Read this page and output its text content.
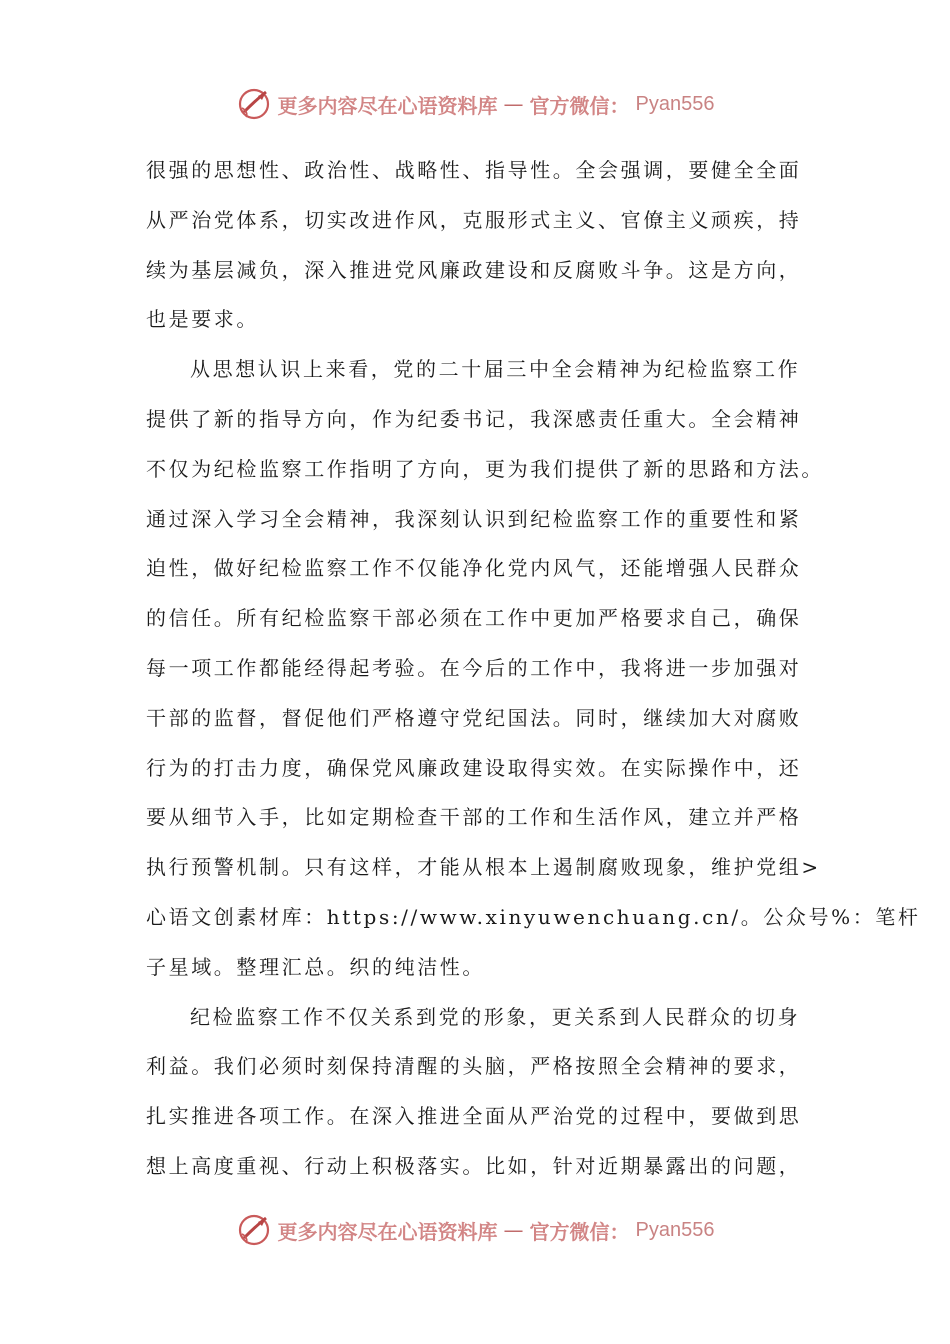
更多内容尽在心语资料库 — 官方微信： Pyan556
很强的思想性、政治性、战略性、指导性。全会强调，要健全全面
从严治党体系，切实改进作风，克服形式主义、官僚主义顽疾，持
续为基层减负，深入推进党风廉政建设和反腐败斗争。这是方向，
也是要求。
从思想认识上来看，党的二十届三中全会精神为纪检监察工作
提供了新的指导方向，作为纪委书记，我深感责任重大。全会精神
不仅为纪检监察工作指明了方向，更为我们提供了新的思路和方法。
通过深入学习全会精神，我深刻认识到纪检监察工作的重要性和紧
迫性，做好纪检监察工作不仅能净化党内风气，还能增强人民群众
的信任。所有纪检监察干部必须在工作中更加严格要求自己，确保
每一项工作都能经得起考验。在今后的工作中，我将进一步加强对
干部的监督，督促他们严格遵守党纪国法。同时，继续加大对腐败
行为的打击力度，确保党风廉政建设取得实效。在实际操作中，还
要从细节入手，比如定期检查干部的工作和生活作风，建立并严格
执行预警机制。只有这样，才能从根本上遏制腐败现象，维护党组>
心语文创素材库：https://www.xinyuwenchuang.cn/。公众号%：笔杆
子星域。整理汇总。织的纯洁性。
纪检监察工作不仅关系到党的形象，更关系到人民群众的切身
利益。我们必须时刻保持清醒的头脑，严格按照全会精神的要求，
扎实推进各项工作。在深入推进全面从严治党的过程中，要做到思
想上高度重视、行动上积极落实。比如，针对近期暴露出的问题，
更多内容尽在心语资料库 — 官方微信： Pyan556
